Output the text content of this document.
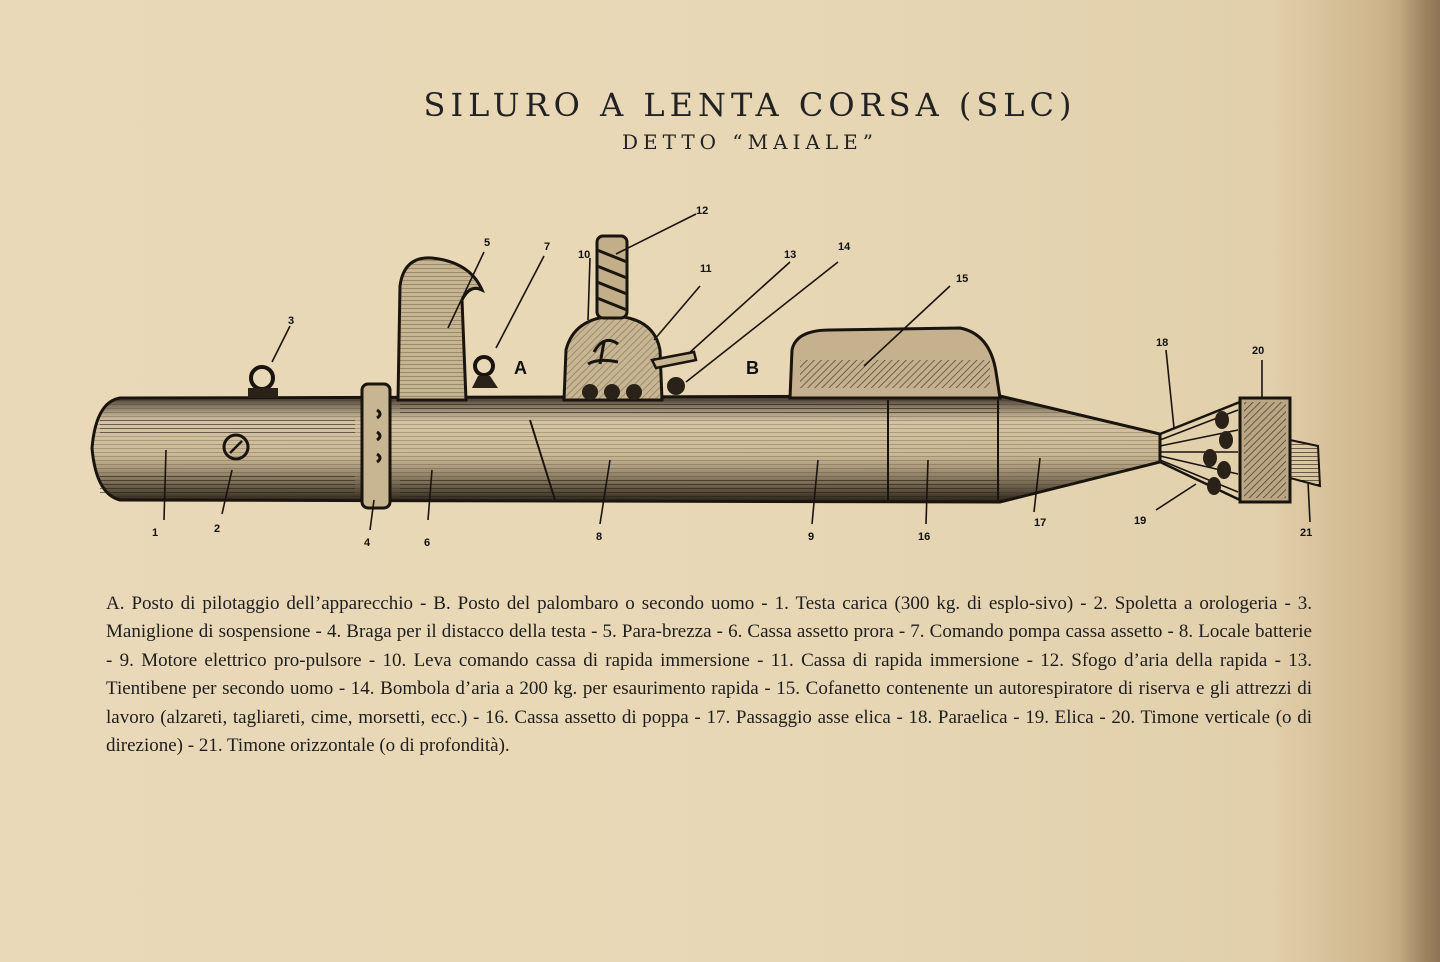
SILURO A LENTA CORSA (SLC)
DETTO “MAIALE”
A	B
1	2
3
4
5
6
7
8	9
10
11
12
13
14
15
16
17
18
19
20
21
A. Posto di pilotaggio dell’apparecchio - B. Posto del palombaro o secondo uomo - 1. Testa carica (300 kg. di esplo-sivo) - 2. Spoletta a orologeria - 3. Maniglione di sospensione - 4. Braga per il distacco della testa - 5. Para-brezza - 6. Cassa assetto prora - 7. Comando pompa cassa assetto - 8. Locale batterie - 9. Motore elettrico pro-pulsore - 10. Leva comando cassa di rapida immersione - 11. Cassa di rapida immersione - 12. Sfogo d’aria della rapida - 13. Tientibene per secondo uomo - 14. Bombola d’aria a 200 kg. per esaurimento rapida - 15. Cofanetto contenente un autorespiratore di riserva e gli attrezzi di lavoro (alzareti, tagliareti, cime, morsetti, ecc.) - 16. Cassa assetto di poppa - 17. Passaggio asse elica - 18. Paraelica - 19. Elica - 20. Timone verticale (o di direzione) - 21. Timone orizzontale (o di profondità).
